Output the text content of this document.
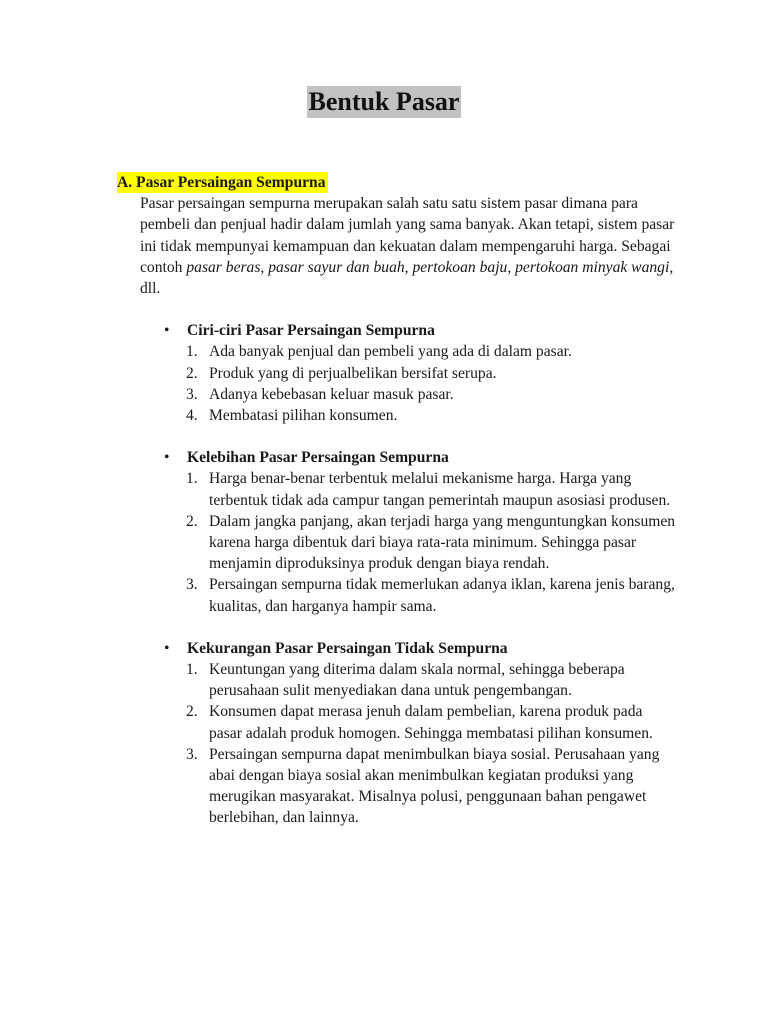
Bentuk Pasar
A. Pasar Persaingan Sempurna

Pasar persaingan sempurna merupakan salah satu satu sistem pasar dimana para pembeli dan penjual hadir dalam jumlah yang sama banyak. Akan tetapi, sistem pasar ini tidak mempunyai kemampuan dan kekuatan dalam mempengaruhi harga. Sebagai contoh pasar beras, pasar sayur dan buah, pertokoan baju, pertokoan minyak wangi, dll.

• Ciri-ciri Pasar Persaingan Sempurna
1. Ada banyak penjual dan pembeli yang ada di dalam pasar.
2. Produk yang di perjualbelikan bersifat serupa.
3. Adanya kebebasan keluar masuk pasar.
4. Membatasi pilihan konsumen.
• Kelebihan Pasar Persaingan Sempurna
1. Harga benar-benar terbentuk melalui mekanisme harga. Harga yang terbentuk tidak ada campur tangan pemerintah maupun asosiasi produsen.
2. Dalam jangka panjang, akan terjadi harga yang menguntungkan konsumen karena harga dibentuk dari biaya rata-rata minimum. Sehingga pasar menjamin diproduksinya produk dengan biaya rendah.
3. Persaingan sempurna tidak memerlukan adanya iklan, karena jenis barang, kualitas, dan harganya hampir sama.
• Kekurangan Pasar Persaingan Tidak Sempurna
1. Keuntungan yang diterima dalam skala normal, sehingga beberapa perusahaan sulit menyediakan dana untuk pengembangan.
2. Konsumen dapat merasa jenuh dalam pembelian, karena produk pada pasar adalah produk homogen. Sehingga membatasi pilihan konsumen.
3. Persaingan sempurna dapat menimbulkan biaya sosial. Perusahaan yang abai dengan biaya sosial akan menimbulkan kegiatan produksi yang merugikan masyarakat. Misalnya polusi, penggunaan bahan pengawet berlebihan, dan lainnya.
